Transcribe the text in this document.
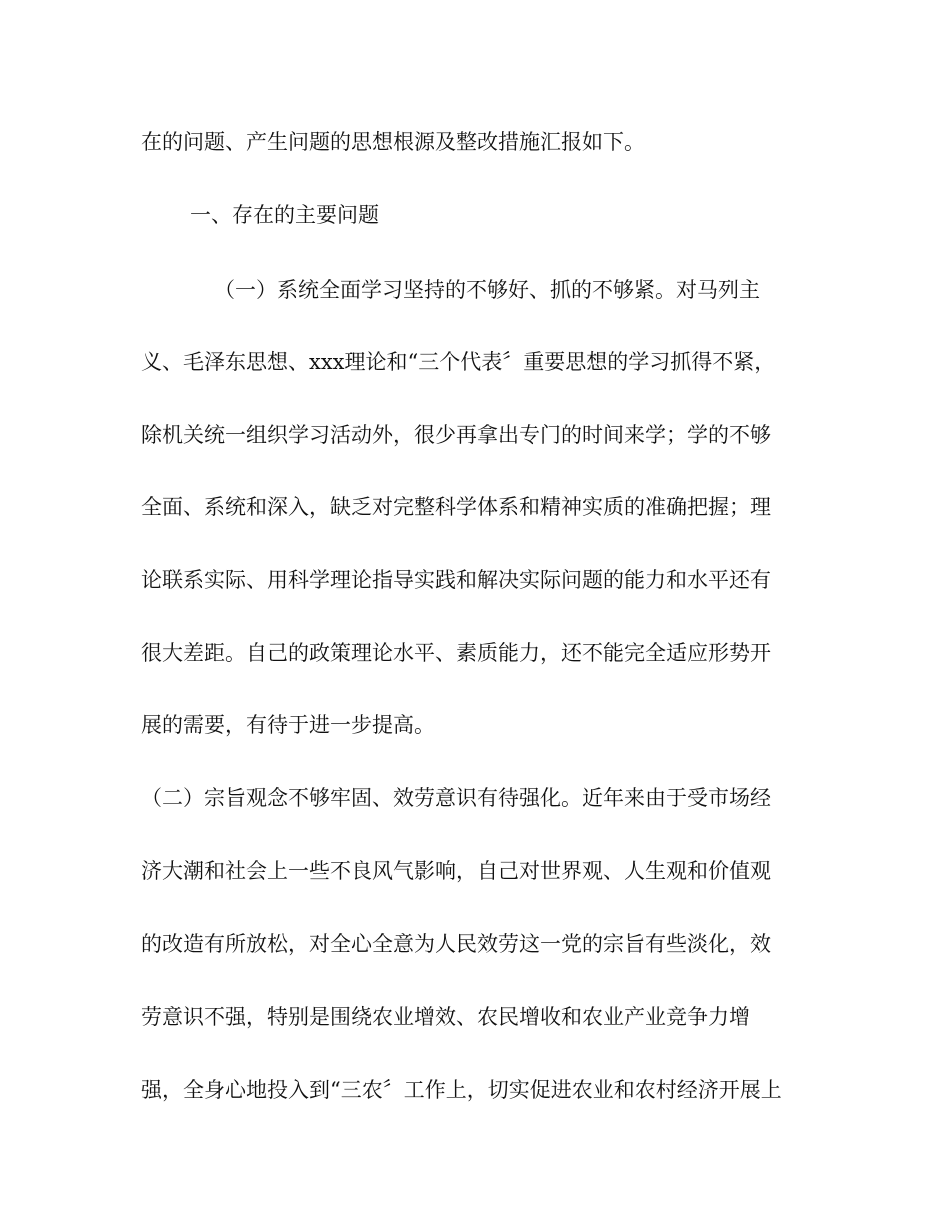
在的问题、产生问题的思想根源及整改措施汇报如下。
一、存在的主要问题
（一）系统全面学习坚持的不够好、抓的不够紧。对马列主
义、毛泽东思想、xxx理论和“三个代表〞重要思想的学习抓得不紧，
除机关统一组织学习活动外，很少再拿出专门的时间来学；学的不够
全面、系统和深入，缺乏对完整科学体系和精神实质的准确把握；理
论联系实际、用科学理论指导实践和解决实际问题的能力和水平还有
很大差距。自己的政策理论水平、素质能力，还不能完全适应形势开
展的需要，有待于进一步提高。
（二）宗旨观念不够牢固、效劳意识有待强化。近年来由于受市场经
济大潮和社会上一些不良风气影响，自己对世界观、人生观和价值观
的改造有所放松，对全心全意为人民效劳这一党的宗旨有些淡化，效
劳意识不强，特别是围绕农业增效、农民增收和农业产业竞争力增
强，全身心地投入到“三农〞工作上，切实促进农业和农村经济开展上
